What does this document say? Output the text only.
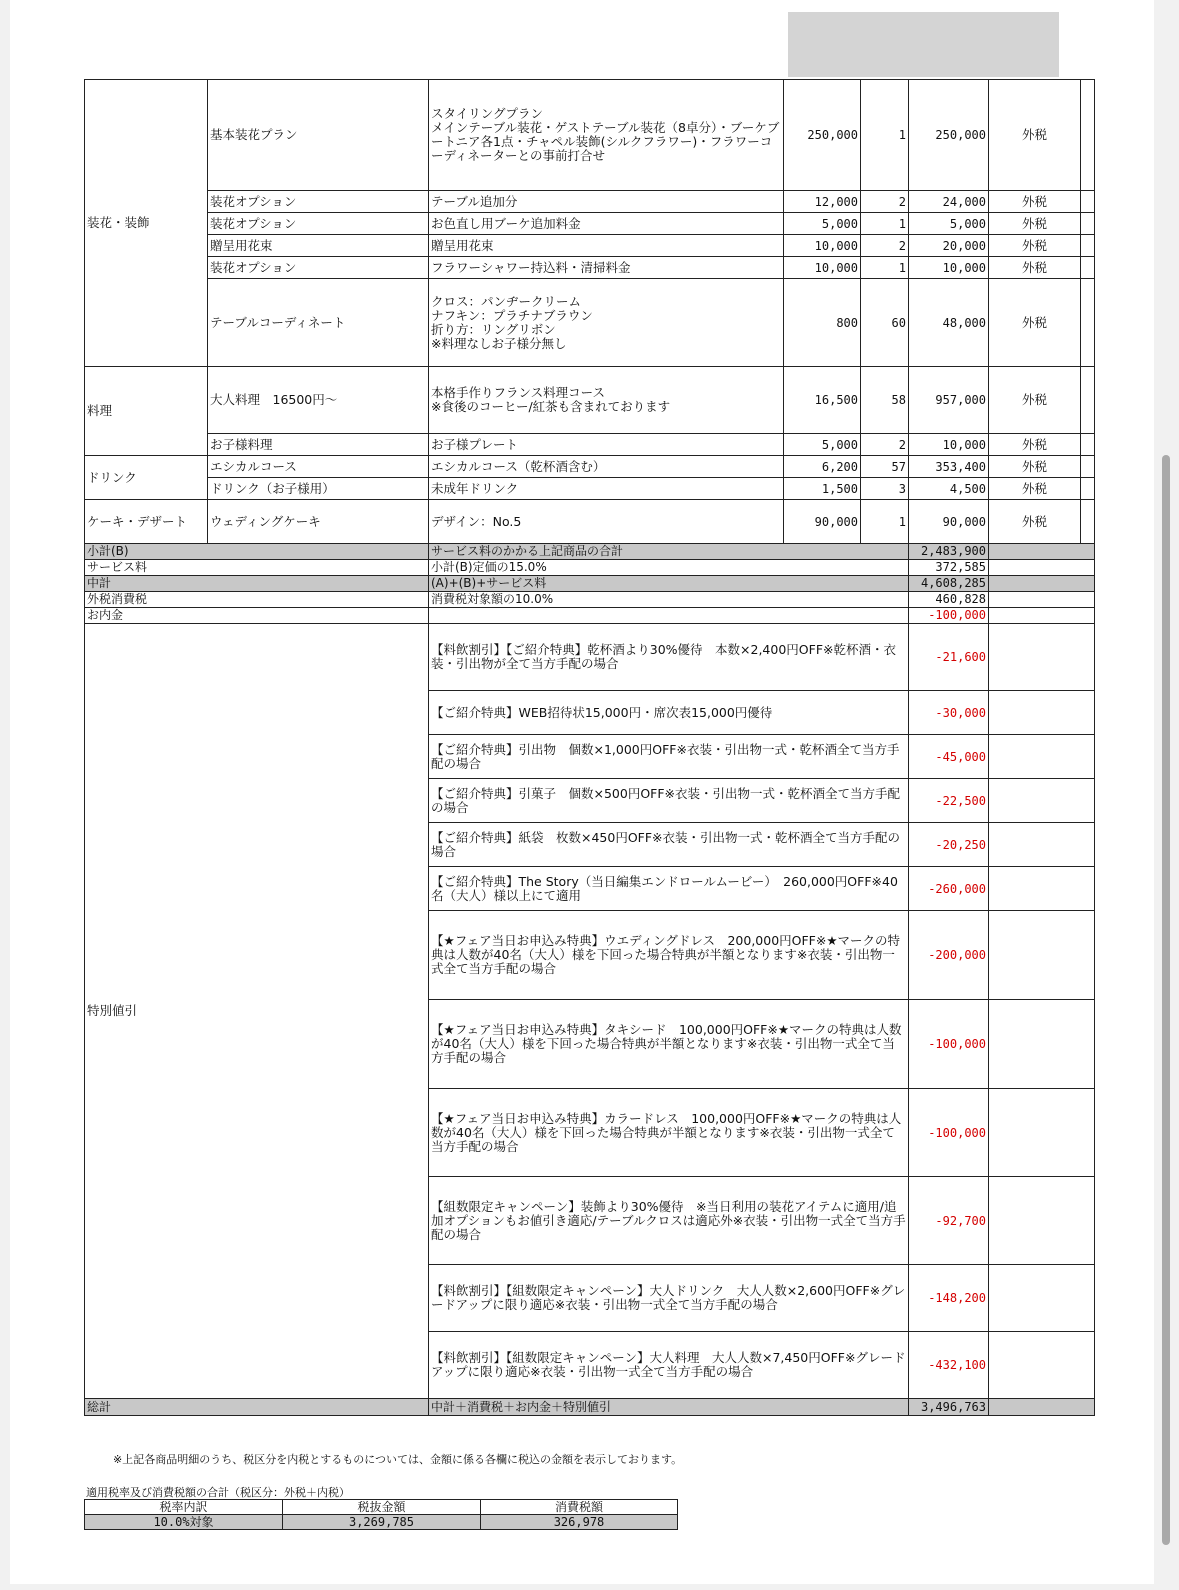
装花・装飾	基本装花プラン	スタイリングプラン
メインテーブル装花・ゲストテーブル装花（8卓分）・ブーケブートニア各1点・チャペル装飾(シルクフラワー)・フラワーコーディネーターとの事前打合せ	250,000	1	250,000	外税	
	装花オプション	テーブル追加分	12,000	2	24,000	外税	
	装花オプション	お色直し用ブーケ追加料金	5,000	1	5,000	外税	
	贈呈用花束	贈呈用花束	10,000	2	20,000	外税	
	装花オプション	フラワーシャワー持込料・清掃料金	10,000	1	10,000	外税	
	テーブルコーディネート	クロス：パンヂークリーム
ナフキン：プラチナブラウン
折り方：リングリボン
※料理なしお子様分無し	800	60	48,000	外税	
料理	大人料理　16500円～	本格手作りフランス料理コース
※食後のコーヒー/紅茶も含まれております	16,500	58	957,000	外税	
	お子様料理	お子様プレート	5,000	2	10,000	外税	
ドリンク	エシカルコース	エシカルコース（乾杯酒含む）	6,200	57	353,400	外税	
	ドリンク（お子様用）	未成年ドリンク	1,500	3	4,500	外税	
ケーキ・デザート	ウェディングケーキ	デザイン：No.5	90,000	1	90,000	外税	
小計(B)		サービス料のかかる上記商品の合計			2,483,900		
サービス料		小計(B)定価の15.0%			372,585		
中計		(A)+(B)+サービス料			4,608,285		
外税消費税		消費税対象額の10.0%			460,828		
お内金					-100,000		
特別値引		【料飲割引】【ご紹介特典】乾杯酒より30%優待　本数×2,400円OFF※乾杯酒・衣装・引出物が全て当方手配の場合			-21,600		
		【ご紹介特典】WEB招待状15,000円・席次表15,000円優待			-30,000		
		【ご紹介特典】引出物　個数×1,000円OFF※衣装・引出物一式・乾杯酒全て当方手配の場合			-45,000		
		【ご紹介特典】引菓子　個数×500円OFF※衣装・引出物一式・乾杯酒全て当方手配の場合			-22,500		
		【ご紹介特典】紙袋　枚数×450円OFF※衣装・引出物一式・乾杯酒全て当方手配の場合			-20,250		
		【ご紹介特典】The Story（当日編集エンドロールムービー）　260,000円OFF※40名（大人）様以上にて適用			-260,000		
		【★フェア当日お申込み特典】ウエディングドレス　200,000円OFF※★マークの特典は人数が40名（大人）様を下回った場合特典が半額となります※衣装・引出物一式全て当方手配の場合			-200,000		
		【★フェア当日お申込み特典】タキシード　100,000円OFF※★マークの特典は人数が40名（大人）様を下回った場合特典が半額となります※衣装・引出物一式全て当方手配の場合			-100,000		
		【★フェア当日お申込み特典】カラードレス　100,000円OFF※★マークの特典は人数が40名（大人）様を下回った場合特典が半額となります※衣装・引出物一式全て当方手配の場合			-100,000		
		【組数限定キャンペーン】装飾より30%優待　※当日利用の装花アイテムに適用/追加オプションもお値引き適応/テーブルクロスは適応外※衣装・引出物一式全て当方手配の場合			-92,700		
		【料飲割引】【組数限定キャンペーン】大人ドリンク　大人人数×2,600円OFF※グレードアップに限り適応※衣装・引出物一式全て当方手配の場合			-148,200		
		【料飲割引】【組数限定キャンペーン】大人料理　大人人数×7,450円OFF※グレードアップに限り適応※衣装・引出物一式全て当方手配の場合			-432,100		
総計		中計＋消費税＋お内金＋特別値引			3,496,763		
※上記各商品明細のうち、税区分を内税とするものについては、金額に係る各欄に税込の金額を表示しております。
適用税率及び消費税額の合計（税区分：外税＋内税）
税率内訳	税抜金額	消費税額
10.0%対象	3,269,785	326,978
